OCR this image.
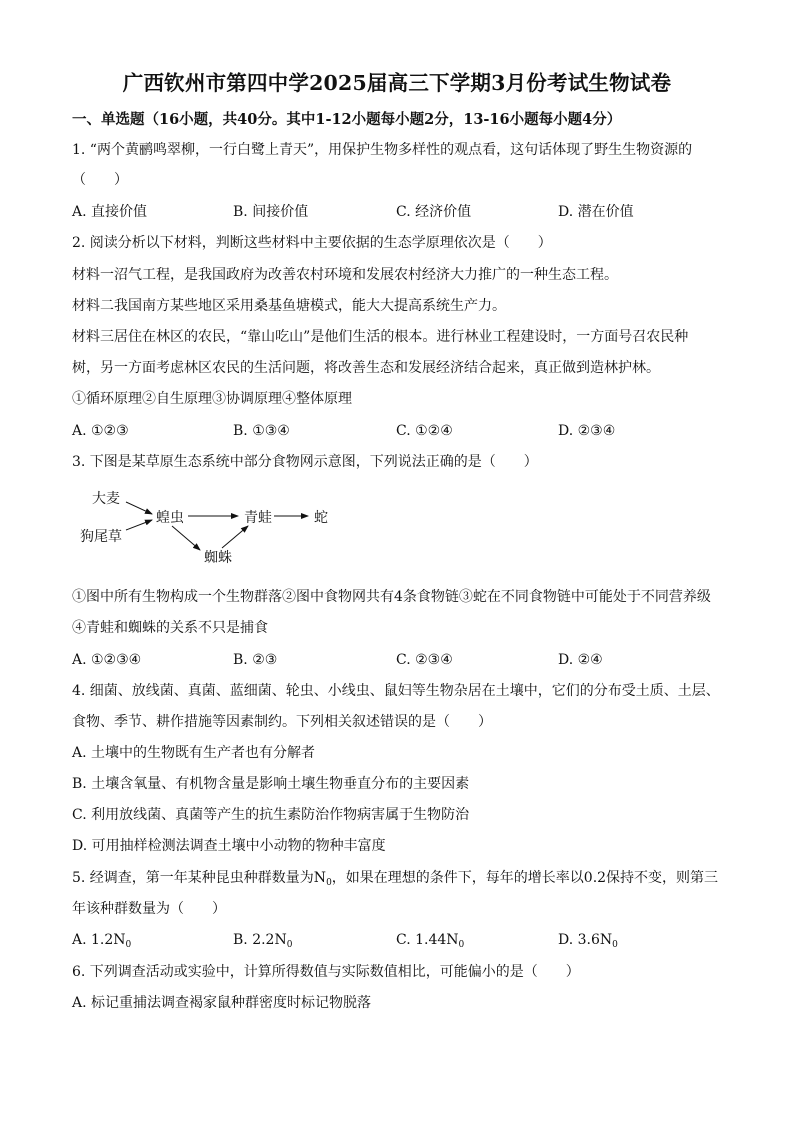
广西钦州市第四中学2025届高三下学期3月份考试生物试卷
一、单选题（16小题，共40分。其中1-12小题每小题2分，13-16小题每小题4分）
1. “两个黄鹂鸣翠柳，一行白鹭上青天”，用保护生物多样性的观点看，这句话体现了野生生物资源的
（　　）
A. 直接价值	B. 间接价值	C. 经济价值	D. 潜在价值
2. 阅读分析以下材料，判断这些材料中主要依据的生态学原理依次是（　　）
材料一沼气工程，是我国政府为改善农村环境和发展农村经济大力推广的一种生态工程。
材料二我国南方某些地区采用桑基鱼塘模式，能大大提高系统生产力。
材料三居住在林区的农民，“靠山吃山”是他们生活的根本。进行林业工程建设时，一方面号召农民种
树，另一方面考虑林区农民的生活问题，将改善生态和发展经济结合起来，真正做到造林护林。
①循环原理②自生原理③协调原理④整体原理
A. ①②③	B. ①③④	C. ①②④	D. ②③④
3. 下图是某草原生态系统中部分食物网示意图，下列说法正确的是（　　）
大麦
狗尾草
蝗虫	青蛙	蛇
蜘蛛
①图中所有生物构成一个生物群落②图中食物网共有4条食物链③蛇在不同食物链中可能处于不同营养级
④青蛙和蜘蛛的关系不只是捕食
A. ①②③④	B. ②③	C. ②③④	D. ②④
4. 细菌、放线菌、真菌、蓝细菌、轮虫、小线虫、鼠妇等生物杂居在土壤中，它们的分布受土质、土层、
食物、季节、耕作措施等因素制约。下列相关叙述错误的是（　　）
A. 土壤中的生物既有生产者也有分解者
B. 土壤含氧量、有机物含量是影响土壤生物垂直分布的主要因素
C. 利用放线菌、真菌等产生的抗生素防治作物病害属于生物防治
D. 可用抽样检测法调查土壤中小动物的物种丰富度
5. 经调查，第一年某种昆虫种群数量为$N_0$，如果在理想的条件下，每年的增长率以0.2保持不变，则第三
年该种群数量为（　　）
A. $1.2N_0$	B. $2.2N_0$	C. $1.44N_0$	D. $3.6N_0$
6. 下列调查活动或实验中，计算所得数值与实际数值相比，可能偏小的是（　　）
A. 标记重捕法调查褐家鼠种群密度时标记物脱落
